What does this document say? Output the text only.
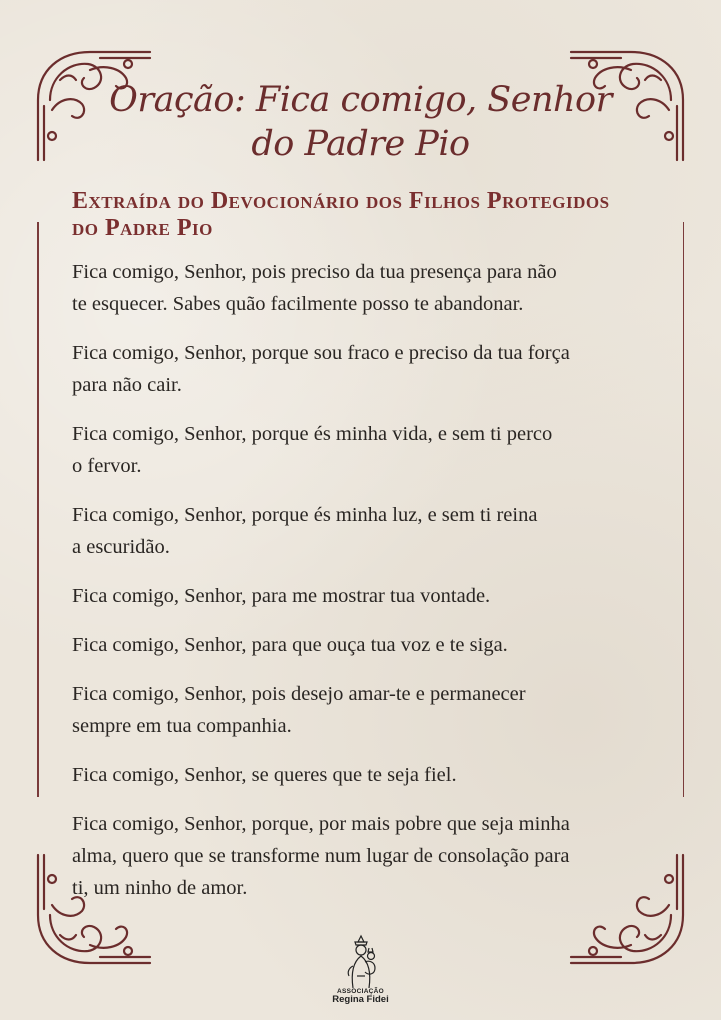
Oração: Fica comigo, Senhor
do Padre Pio
Extraída do Devocionário dos Filhos Protegidos do Padre Pio
Fica comigo, Senhor, pois preciso da tua presença para não
te esquecer. Sabes quão facilmente posso te abandonar.
Fica comigo, Senhor, porque sou fraco e preciso da tua força
para não cair.
Fica comigo, Senhor, porque és minha vida, e sem ti perco
o fervor.
Fica comigo, Senhor, porque és minha luz, e sem ti reina
a escuridão.
Fica comigo, Senhor, para me mostrar tua vontade.
Fica comigo, Senhor, para que ouça tua voz e te siga.
Fica comigo, Senhor, pois desejo amar-te e permanecer
sempre em tua companhia.
Fica comigo, Senhor, se queres que te seja fiel.
Fica comigo, Senhor, porque, por mais pobre que seja minha
alma, quero que se transforme num lugar de consolação para
ti, um ninho de amor.
ASSOCIAÇÃO
Regina Fidei
